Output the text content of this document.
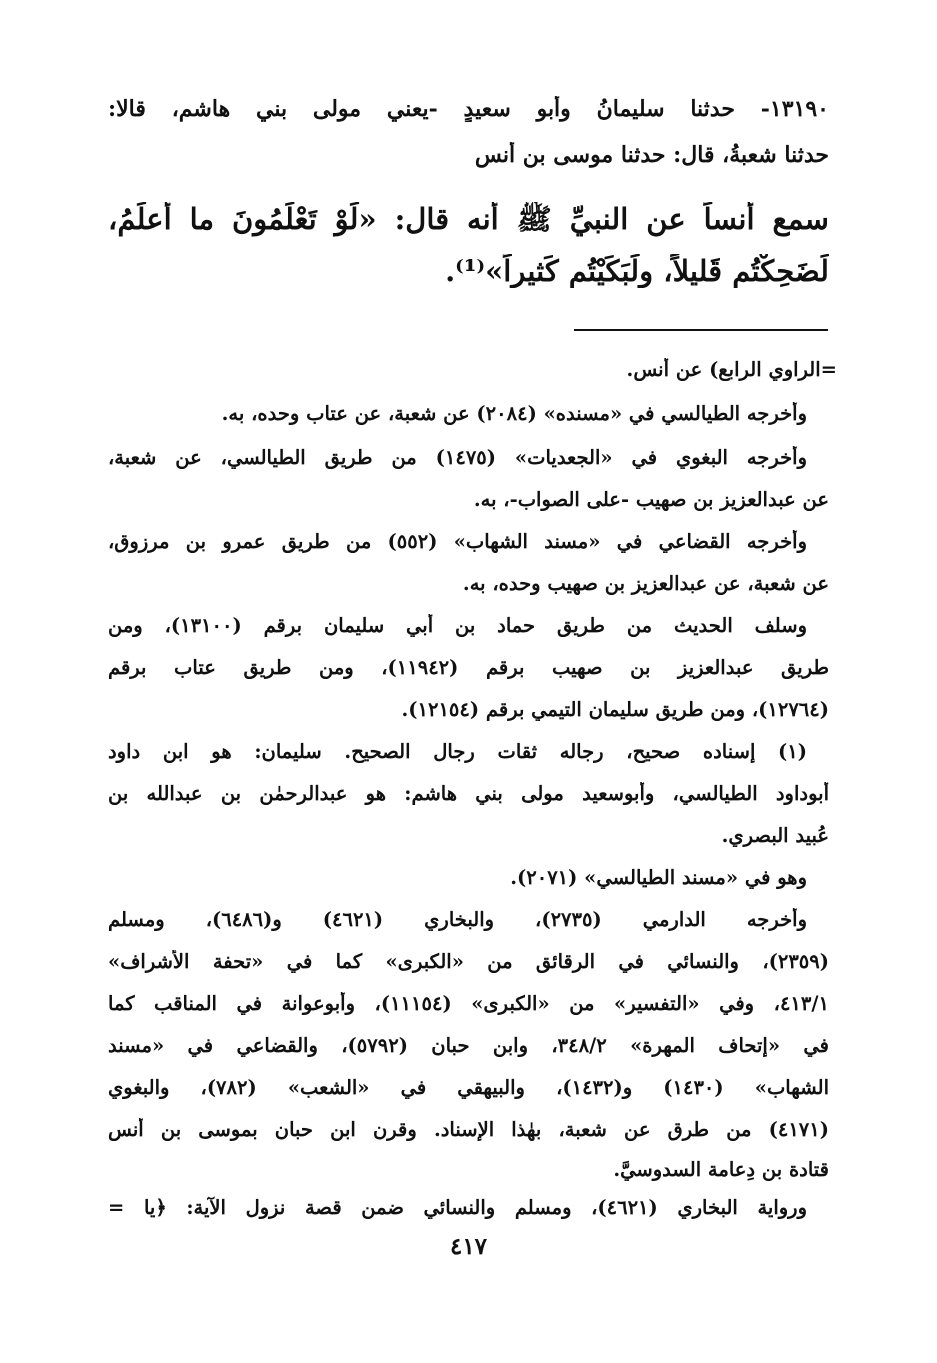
١٣١٩٠- حدثنا سليمانُ وأبو سعيدٍ -يعني مولى بني هاشم، قالا:
حدثنا شعبةُ، قال: حدثنا موسى بن أنس
سمع أنساً عن النبيِّ ﷺ أنه قال: «لَوْ تَعْلَمُونَ ما أَعلَمُ،
لَضَحِكْتُم قَليلاً، ولَبَكَيْتُم كَثيراً»⁽¹⁾.
=الراوي الرابع) عن أنس.
وأخرجه الطيالسي في «مسنده» (٢٠٨٤) عن شعبة، عن عتاب وحده، به.
وأخرجه البغوي في «الجعديات» (١٤٧٥) من طريق الطيالسي، عن شعبة،
عن عبدالعزيز بن صهيب -على الصواب-، به.
وأخرجه القضاعي في «مسند الشهاب» (٥٥٢) من طريق عمرو بن مرزوق،
عن شعبة، عن عبدالعزيز بن صهيب وحده، به.
وسلف الحديث من طريق حماد بن أبي سليمان برقم (١٣١٠٠)، ومن
طريق عبدالعزيز بن صهيب برقم (١١٩٤٢)، ومن طريق عتاب برقم
(١٢٧٦٤)، ومن طريق سليمان التيمي برقم (١٢١٥٤).
(١) إسناده صحيح، رجاله ثقات رجال الصحيح. سليمان: هو ابن داود
أبوداود الطيالسي، وأبوسعيد مولى بني هاشم: هو عبدالرحمٰن بن عبدالله بن
عُبيد البصري.
وهو في «مسند الطيالسي» (٢٠٧١).
وأخرجه الدارمي (٢٧٣٥)، والبخاري (٤٦٢١) و(٦٤٨٦)، ومسلم
(٢٣٥٩)، والنسائي في الرقائق من «الكبرى» كما في «تحفة الأشراف»
٤١٣/١، وفي «التفسير» من «الكبرى» (١١١٥٤)، وأبوعوانة في المناقب كما
في «إتحاف المهرة» ٣٤٨/٢، وابن حبان (٥٧٩٢)، والقضاعي في «مسند
الشهاب» (١٤٣٠) و(١٤٣٢)، والبيهقي في «الشعب» (٧٨٢)، والبغوي
(٤١٧١) من طرق عن شعبة، بهٰذا الإسناد. وقرن ابن حبان بموسى بن أنس
قتادة بن دِعامة السدوسيَّ.
ورواية البخاري (٤٦٢١)، ومسلم والنسائي ضمن قصة نزول الآية: ﴿يا =
٤١٧
